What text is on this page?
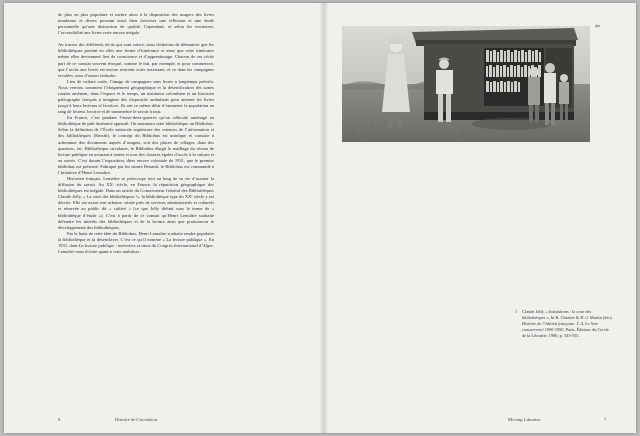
de plus en plus populaire et mettre alors à la disposition des usagers des livres nombreux et divers pouvant aussi bien favoriser une réflexion et une étude personnelle qu’une distraction de qualité. Cependant, et selon les territoires, l’accessibilité aux livres reste encore inégale.

Au travers des différents récits qui vont suivre, nous tâcherons de démontrer que les bibliothèques portent en elles une forme d’itinérance et ainsi que cette itinérance même elles deviennent lieu de conscience et d’apprentissage. Chacun de ces récits part de ce constat souvent évoqué, comme le fait, par exemple, et pour commencer, que l’accès aux livres est encore restreint voire inexistant, et ce dans les campagnes reculées, sous d’autres latitudes.

Lieu de culture orale, l’image de campagnes sans livres a longtemps prévalu. Nous verrons comment l’éloignement géographique et la désertification des zones rurales amènent, dans l’espace et le temps, un institueur colombien et un historien paléographe français à imaginer des dispositifs ambulants pour amener les livres jusqu’à leurs lecteurs et lectrices. Ils ont ce même désir d’emmener la population au rang de lecteur, lectrice et de transmettre le savoir à tous.

En France, c’est pendant l’entre-deux-guerres qu’un véhicule aménagé en bibliothèque de prêt itinérante apparaît. On nommera cette bibliothèque un Bibliobus. Selon la définition de l’École nationale supérieure des sciences de l’information et des bibliothèques (Enssib), le concept du Bibliobus est unirôque et consiste à acheminer des documents auprès d’usagers, soit des places de villages, dans des quartiers, etc. Bibliothèque circulante, le Bibliobus élargit le maillage du réseau de lecture publique en assurant à toutes et tous des chances égales d’accès à la culture et au savoir. C’est durant l’exposition, dites encore coloniale de 1931, que le premier bibliobus est présenté. Fabriqué par les usines Renault, le Bibliobus est commandé à l’initiative d’Henri Lemaître.

Historien français, Lemaître se préoccupe tout au long de sa vie d’assurer la diffusion du savoir. Au XXᵉ siècle, en France, la répartition géographique des bibliothèques est inégale. Dans un article du Conservateur Général des Bibliothèques Claude Jolly, « La crise des bibliothèques ¹», la bibliothèque type du XXᵉ siècle y est décrite. Elle est avant tout urbaine, située près de services administratifs et culturels et réservée au public dit « cultivé » (ce que Jolly définit sous le terme de « bibliothèque d’étude »). C’est à partir de ce constat qu’Henri Lemaître souhaite défendre les intérêts des bibliothèques et de la lecture ainsi que promouvoir le développement des bibliothèques.

Par le biais de cette idée du Bibliobus, Henri Lemaître souhaite rendre populaire la bibliothèque et la désenclaver. C’est ce qu’il nomme « La lecture publique ». En 1931, dans La lecture publique : mémoires et vœux du Congrès International d’Alger, Lemaître nous éclaire quant à cette ambition :

6	Histoire de Circulation
фп
1 Claude Jolly, « Institutions : la crise des bibliothèques », In R. Chartier & H.-J. Martin (dir.), Histoire de l’édition française. T. 4, Le livre concurrencé 1900-1950, Paris, Éditions du Cercle de la Librairie, 1986, p. 543-555.
Moving Libraries	7
